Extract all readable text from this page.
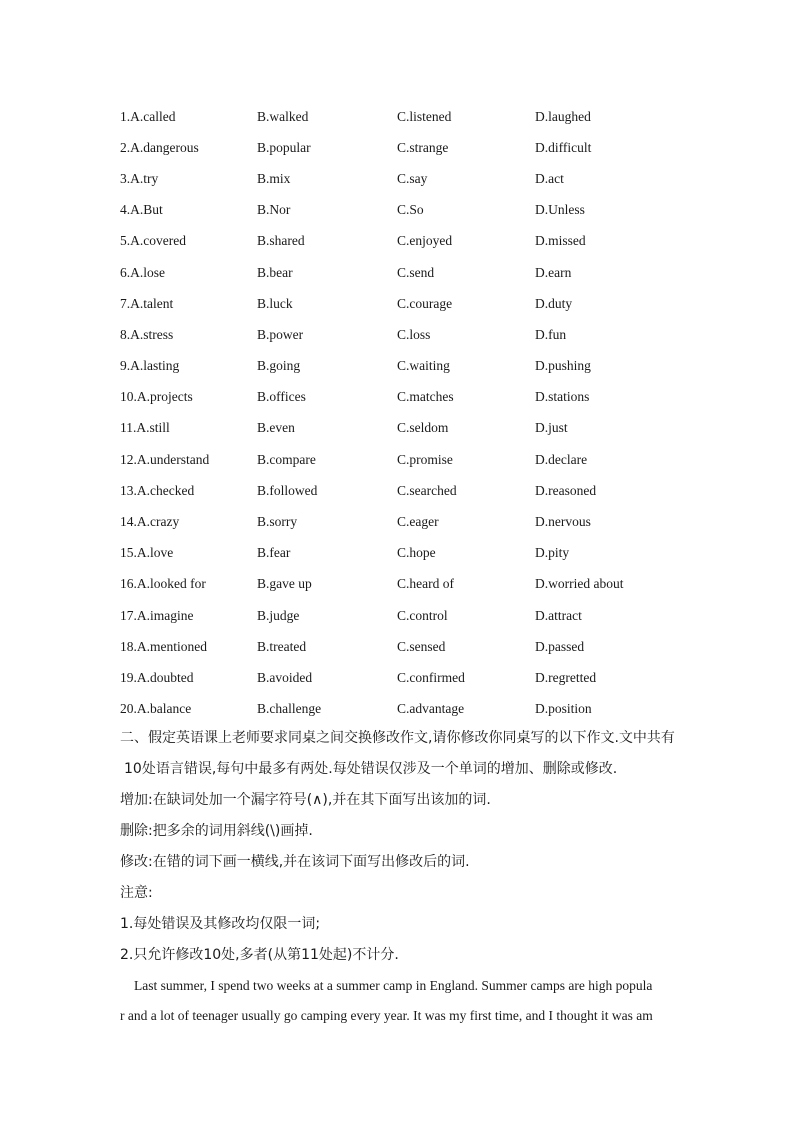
1.A.called	B.walked	C.listened	D.laughed
2.A.dangerous	B.popular	C.strange	D.difficult
3.A.try	B.mix	C.say	D.act
4.A.But	B.Nor	C.So	D.Unless
5.A.covered	B.shared	C.enjoyed	D.missed
6.A.lose	B.bear	C.send	D.earn
7.A.talent	B.luck	C.courage	D.duty
8.A.stress	B.power	C.loss	D.fun
9.A.lasting	B.going	C.waiting	D.pushing
10.A.projects	B.offices	C.matches	D.stations
11.A.still	B.even	C.seldom	D.just
12.A.understand	B.compare	C.promise	D.declare
13.A.checked	B.followed	C.searched	D.reasoned
14.A.crazy	B.sorry	C.eager	D.nervous
15.A.love	B.fear	C.hope	D.pity
16.A.looked for	B.gave up	C.heard of	D.worried about
17.A.imagine	B.judge	C.control	D.attract
18.A.mentioned	B.treated	C.sensed	D.passed
19.A.doubted	B.avoided	C.confirmed	D.regretted
20.A.balance	B.challenge	C.advantage	D.position
二、假定英语课上老师要求同桌之间交换修改作文,请你修改你同桌写的以下作文.文中共有
10处语言错误,每句中最多有两处.每处错误仅涉及一个单词的增加、删除或修改.
增加:在缺词处加一个漏字符号(∧),并在其下面写出该加的词.
删除:把多余的词用斜线(\)画掉.
修改:在错的词下画一横线,并在该词下面写出修改后的词.
注意:
1.每处错误及其修改均仅限一词;
2.只允许修改10处,多者(从第11处起)不计分.
Last summer, I spend two weeks at a summer camp in England. Summer camps are high popula
r and a lot of teenager usually go camping every year. It was my first time, and I thought it was am
